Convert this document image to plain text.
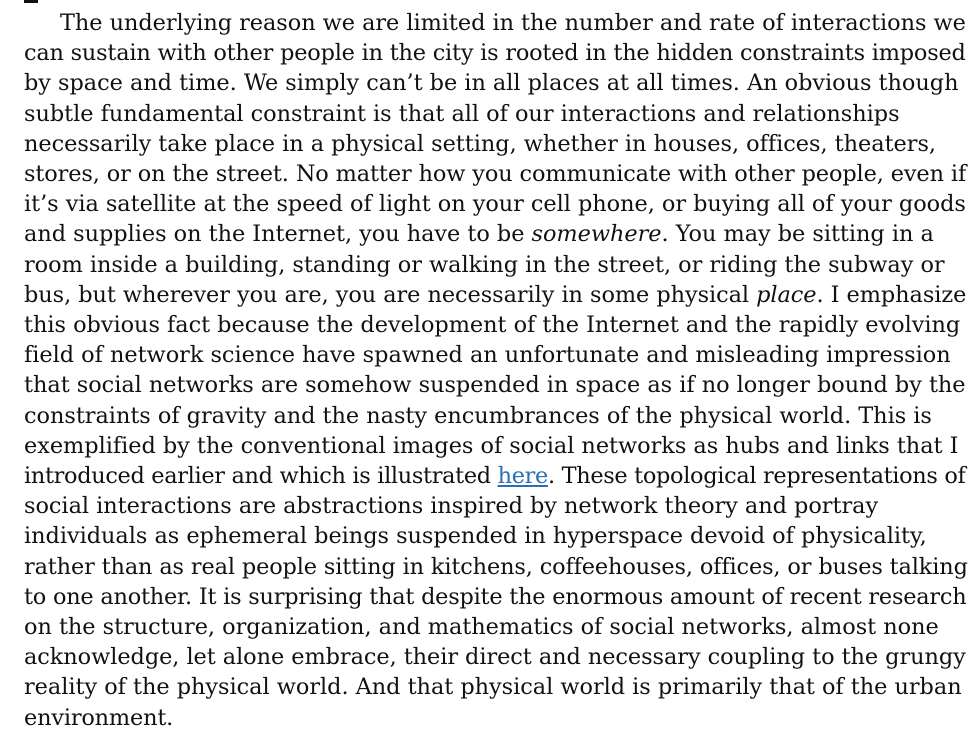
The underlying reason we are limited in the number and rate of interactions we
can sustain with other people in the city is rooted in the hidden constraints imposed
by space and time. We simply can’t be in all places at all times. An obvious though
subtle fundamental constraint is that all of our interactions and relationships
necessarily take place in a physical setting, whether in houses, offices, theaters,
stores, or on the street. No matter how you communicate with other people, even if
it’s via satellite at the speed of light on your cell phone, or buying all of your goods
and supplies on the Internet, you have to be somewhere. You may be sitting in a
room inside a building, standing or walking in the street, or riding the subway or
bus, but wherever you are, you are necessarily in some physical place. I emphasize
this obvious fact because the development of the Internet and the rapidly evolving
field of network science have spawned an unfortunate and misleading impression
that social networks are somehow suspended in space as if no longer bound by the
constraints of gravity and the nasty encumbrances of the physical world. This is
exemplified by the conventional images of social networks as hubs and links that I
introduced earlier and which is illustrated here. These topological representations of
social interactions are abstractions inspired by network theory and portray
individuals as ephemeral beings suspended in hyperspace devoid of physicality,
rather than as real people sitting in kitchens, coffeehouses, offices, or buses talking
to one another. It is surprising that despite the enormous amount of recent research
on the structure, organization, and mathematics of social networks, almost none
acknowledge, let alone embrace, their direct and necessary coupling to the grungy
reality of the physical world. And that physical world is primarily that of the urban
environment.
